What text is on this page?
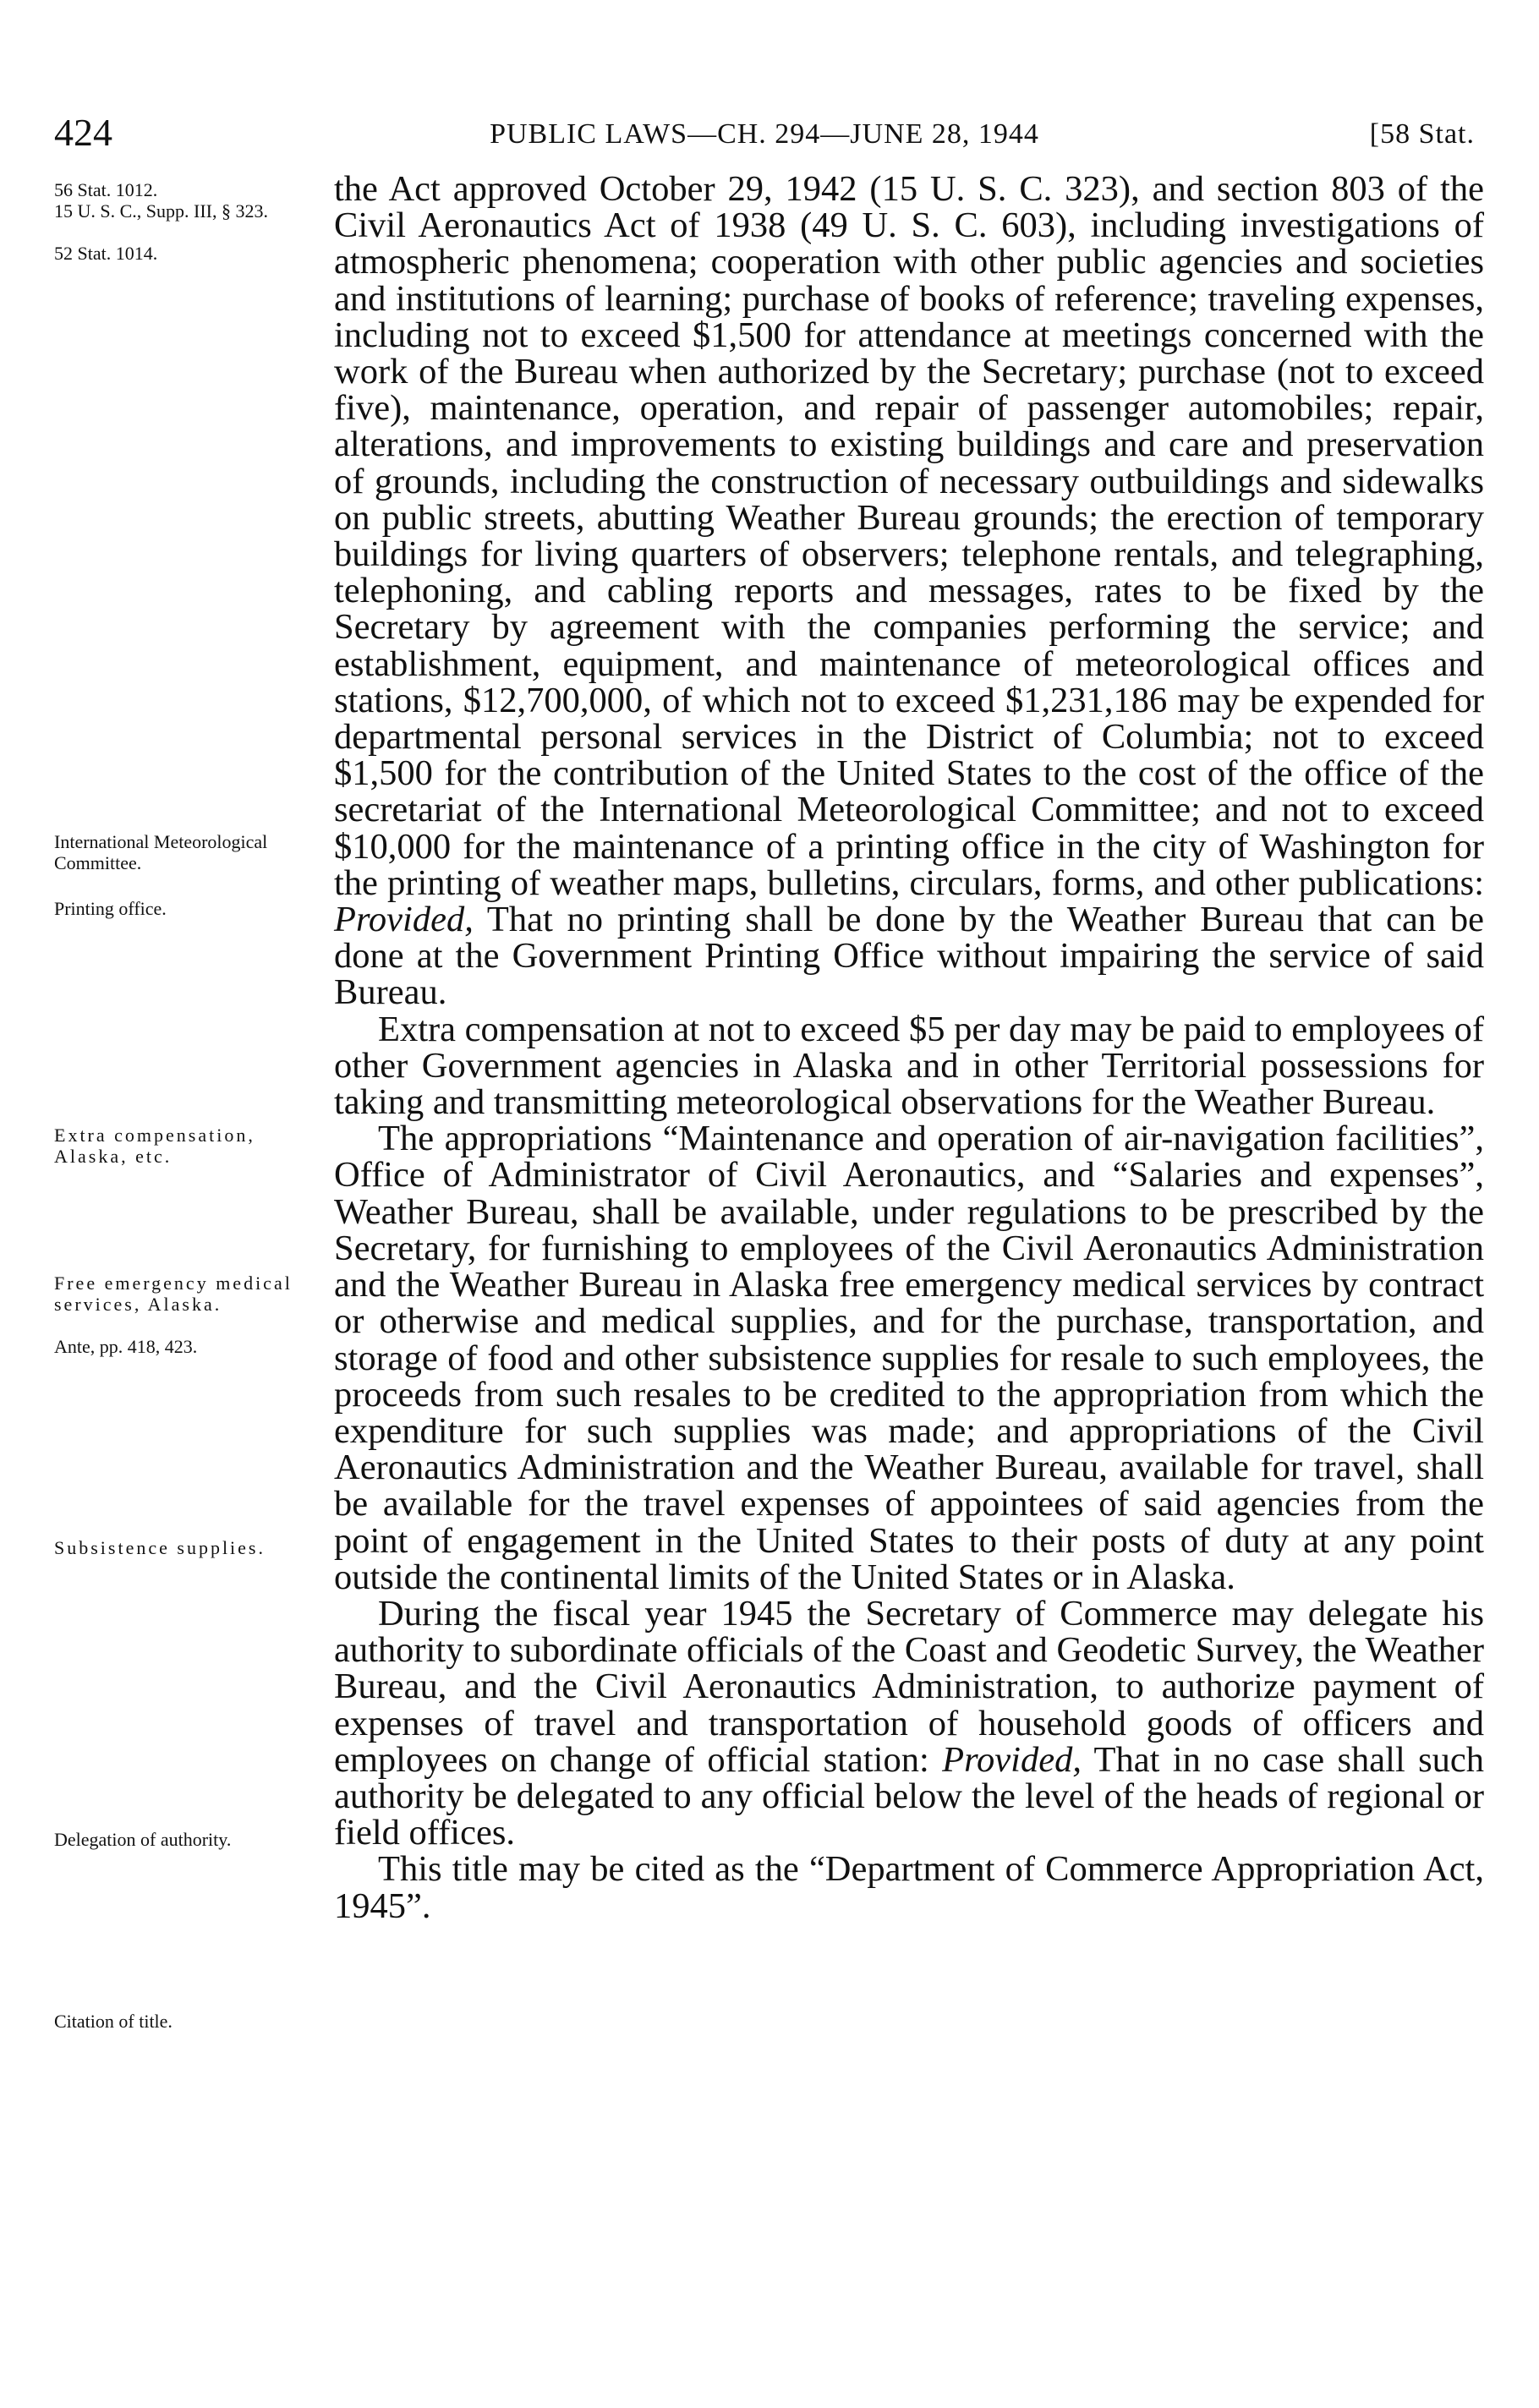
424	PUBLIC LAWS—CH. 294—JUNE 28, 1944	[58 Stat.
56 Stat. 1012.
15 U. S. C., Supp. III, § 323.
52 Stat. 1014.
International Meteorological Committee.
Printing office.
Extra compensation, Alaska, etc.
Free emergency medical services, Alaska.
Ante, pp. 418, 423.
Subsistence supplies.
Delegation of authority.
Citation of title.

the Act approved October 29, 1942 (15 U. S. C. 323), and section 803 of the Civil Aeronautics Act of 1938 (49 U. S. C. 603), including investigations of atmospheric phenomena; cooperation with other public agencies and societies and institutions of learning; purchase of books of reference; traveling expenses, including not to exceed $1,500 for attendance at meetings concerned with the work of the Bureau when authorized by the Secretary; purchase (not to exceed five), maintenance, operation, and repair of passenger automobiles; repair, alterations, and improvements to existing buildings and care and preservation of grounds, including the construction of necessary outbuildings and sidewalks on public streets, abutting Weather Bureau grounds; the erection of temporary buildings for living quarters of observers; telephone rentals, and telegraphing, telephoning, and cabling reports and messages, rates to be fixed by the Secretary by agreement with the companies performing the service; and establishment, equipment, and maintenance of meteorological offices and stations, $12,700,000, of which not to exceed $1,231,186 may be expended for departmental personal services in the District of Columbia; not to exceed $1,500 for the contribution of the United States to the cost of the office of the secretariat of the International Meteorological Committee; and not to exceed $10,000 for the maintenance of a printing office in the city of Washington for the printing of weather maps, bulletins, circulars, forms, and other publications: Provided, That no printing shall be done by the Weather Bureau that can be done at the Government Printing Office without impairing the service of said Bureau.

Extra compensation at not to exceed $5 per day may be paid to employees of other Government agencies in Alaska and in other Territorial possessions for taking and transmitting meteorological observations for the Weather Bureau.

The appropriations “Maintenance and operation of air-navigation facilities”, Office of Administrator of Civil Aeronautics, and “Salaries and expenses”, Weather Bureau, shall be available, under regulations to be prescribed by the Secretary, for furnishing to employees of the Civil Aeronautics Administration and the Weather Bureau in Alaska free emergency medical services by contract or otherwise and medical supplies, and for the purchase, transportation, and storage of food and other subsistence supplies for resale to such employees, the proceeds from such resales to be credited to the appropriation from which the expenditure for such supplies was made; and appropriations of the Civil Aeronautics Administration and the Weather Bureau, available for travel, shall be available for the travel expenses of appointees of said agencies from the point of engagement in the United States to their posts of duty at any point outside the continental limits of the United States or in Alaska.

During the fiscal year 1945 the Secretary of Commerce may delegate his authority to subordinate officials of the Coast and Geodetic Survey, the Weather Bureau, and the Civil Aeronautics Administration, to authorize payment of expenses of travel and transportation of household goods of officers and employees on change of official station: Provided, That in no case shall such authority be delegated to any official below the level of the heads of regional or field offices.

This title may be cited as the “Department of Commerce Appropriation Act, 1945”.
